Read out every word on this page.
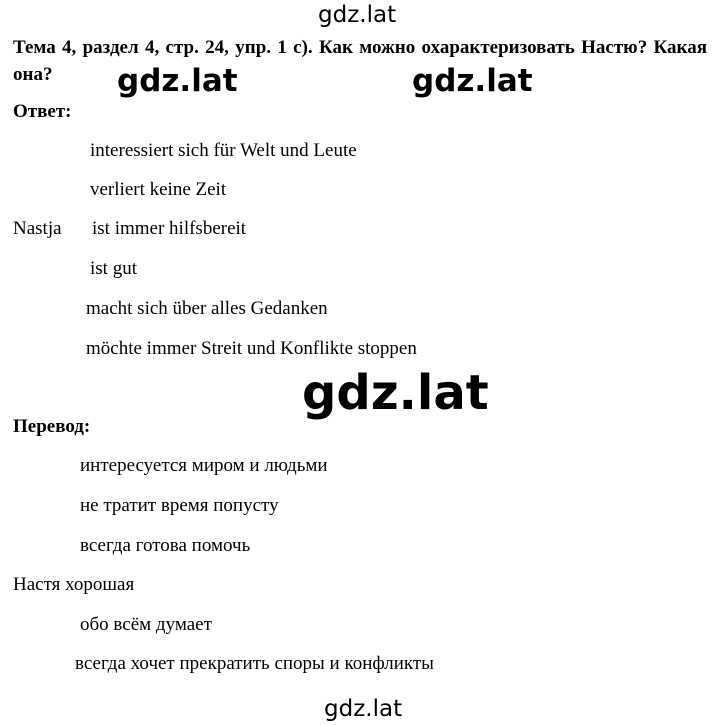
gdz.lat
Тема 4, раздел 4, стр. 24, упр. 1 c). Как можно охарактеризовать Настю? Какая она?	gdz.lat	gdz.lat
Ответ:
interessiert sich für Welt und Leute
verliert keine Zeit
Nastja ist immer hilfsbereit
ist gut
macht sich über alles Gedanken
möchte immer Streit und Konflikte stoppen
gdz.lat
Перевод:
интересуется миром и людьми
не тратит время попусту
всегда готова помочь
Настя хорошая
обо всём думает
всегда хочет прекратить споры и конфликты
gdz.lat
